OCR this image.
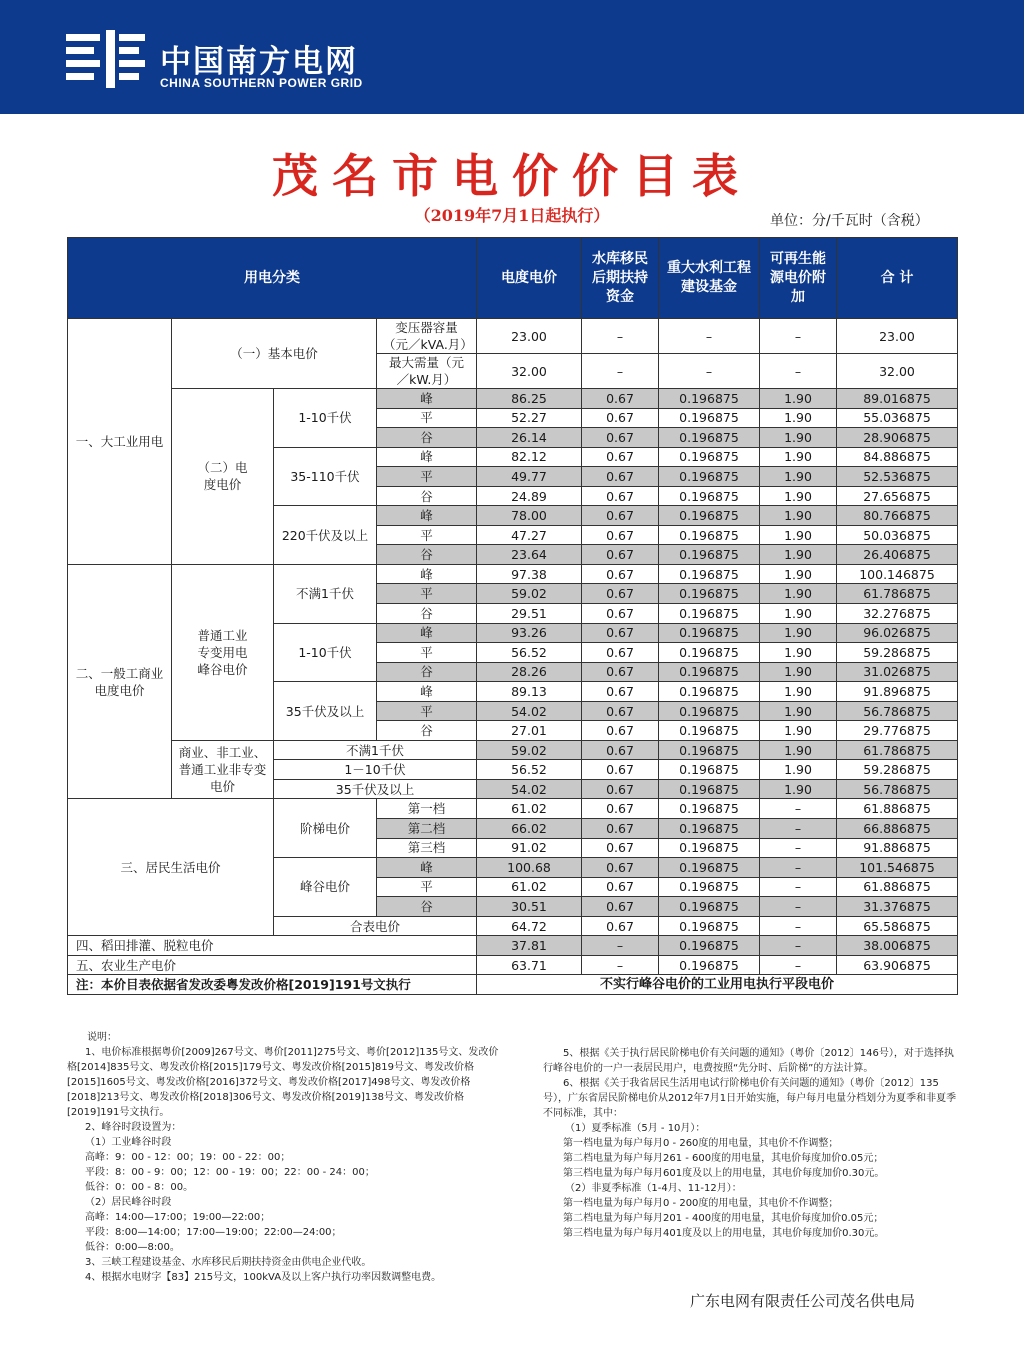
中国南方电网
CHINA SOUTHERN POWER GRID
茂名市电价价目表
（2019年7月1日起执行）	单位：分/千瓦时（含税）
用电分类				电度电价	水库移民后期扶持资金	重大水利工程建设基金	可再生能源电价附加	合 计
一、大工业用电	（一）基本电价		变压器容量（元／kVA.月）	23.00	–	–	–	23.00
			最大需量（元／kW.月）	32.00	–	–	–	32.00
	（二）电度电价	1-10千伏	峰	86.25	0.67	0.196875	1.90	89.016875
			平	52.27	0.67	0.196875	1.90	55.036875
			谷	26.14	0.67	0.196875	1.90	28.906875
		35-110千伏	峰	82.12	0.67	0.196875	1.90	84.886875
			平	49.77	0.67	0.196875	1.90	52.536875
			谷	24.89	0.67	0.196875	1.90	27.656875
		220千伏及以上	峰	78.00	0.67	0.196875	1.90	80.766875
			平	47.27	0.67	0.196875	1.90	50.036875
			谷	23.64	0.67	0.196875	1.90	26.406875
二、一般工商业电度电价	普通工业专变用电峰谷电价	不满1千伏	峰	97.38	0.67	0.196875	1.90	100.146875
			平	59.02	0.67	0.196875	1.90	61.786875
			谷	29.51	0.67	0.196875	1.90	32.276875
		1-10千伏	峰	93.26	0.67	0.196875	1.90	96.026875
			平	56.52	0.67	0.196875	1.90	59.286875
			谷	28.26	0.67	0.196875	1.90	31.026875
		35千伏及以上	峰	89.13	0.67	0.196875	1.90	91.896875
			平	54.02	0.67	0.196875	1.90	56.786875
			谷	27.01	0.67	0.196875	1.90	29.776875
	商业、非工业、普通工业非专变电价	不满1千伏		59.02	0.67	0.196875	1.90	61.786875
		1－10千伏		56.52	0.67	0.196875	1.90	59.286875
		35千伏及以上		54.02	0.67	0.196875	1.90	56.786875
三、居民生活电价		阶梯电价	第一档	61.02	0.67	0.196875	–	61.886875
			第二档	66.02	0.67	0.196875	–	66.886875
			第三档	91.02	0.67	0.196875	–	91.886875
		峰谷电价	峰	100.68	0.67	0.196875	–	101.546875
			平	61.02	0.67	0.196875	–	61.886875
			谷	30.51	0.67	0.196875	–	31.376875
		合表电价		64.72	0.67	0.196875	–	65.586875
四、稻田排灌、脱粒电价				37.81	–	0.196875	–	38.006875
五、农业生产电价				63.71	–	0.196875	–	63.906875
注：本价目表依据省发改委粤发改价格[2019]191号文执行				不实行峰谷电价的工业用电执行平段电价				

说明：

1、电价标准根据粤价[2009]267号文、粤价[2011]275号文、粤价[2012]135号文、发改价格[2014]835号文、粤发改价格[2015]179号文、粤发改价格[2015]819号文、粤发改价格[2015]1605号文、粤发改价格[2016]372号文、粤发改价格[2017]498号文、粤发改价格[2018]213号文、粤发改价格[2018]306号文、粤发改价格[2019]138号文、粤发改价格[2019]191号文执行。

2、峰谷时段设置为：

（1）工业峰谷时段

高峰：9：00 - 12：00；19：00 - 22：00；

平段：8：00 - 9：00；12：00 - 19：00；22：00 - 24：00；

低谷：0：00 - 8：00。

（2）居民峰谷时段

高峰：14:00—17:00；19:00—22:00；

平段：8:00—14:00；17:00—19:00；22:00—24:00；

低谷：0:00—8:00。

3、三峡工程建设基金、水库移民后期扶持资金由供电企业代收。

4、根据水电财字【83】215号文，100kVA及以上客户执行功率因数调整电费。

5、根据《关于执行居民阶梯电价有关问题的通知》（粤价〔2012〕146号），对于选择执行峰谷电价的一户一表居民用户，电费按照“先分时、后阶梯”的方法计算。

6、根据《关于我省居民生活用电试行阶梯电价有关问题的通知》（粤价〔2012〕135号），广东省居民阶梯电价从2012年7月1日开始实施，每户每月电量分档划分为夏季和非夏季不同标准，其中：

（1）夏季标准（5月 - 10月）：

第一档电量为每户每月0 - 260度的用电量，其电价不作调整；

第二档电量为每户每月261 - 600度的用电量，其电价每度加价0.05元；

第三档电量为每户每月601度及以上的用电量，其电价每度加价0.30元。

（2）非夏季标准（1-4月、11-12月）：

第一档电量为每户每月0 - 200度的用电量，其电价不作调整；

第二档电量为每户每月201 - 400度的用电量，其电价每度加价0.05元；

第三档电量为每户每月401度及以上的用电量，其电价每度加价0.30元。

广东电网有限责任公司茂名供电局
